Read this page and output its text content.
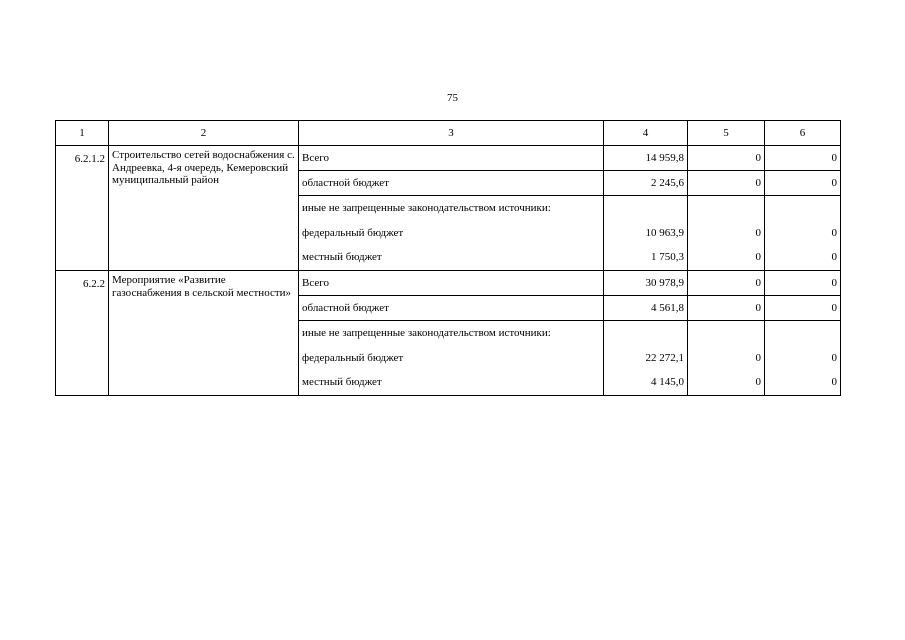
75
1	2	3	4	5	6
6.2.1.2	Строительство сетей водоснабжения с. Андреевка, 4-я очередь, Кемеровский муниципальный район	Всего	14 959,8	0	0
		областной бюджет	2 245,6	0	0
		иные не запрещенные законодательством источники:			
		федеральный бюджет	10 963,9	0	0
		местный бюджет	1 750,3	0	0
6.2.2	Мероприятие «Развитие газоснабжения в сельской местности»	Всего	30 978,9	0	0
		областной бюджет	4 561,8	0	0
		иные не запрещенные законодательством источники:			
		федеральный бюджет	22 272,1	0	0
		местный бюджет	4 145,0	0	0
